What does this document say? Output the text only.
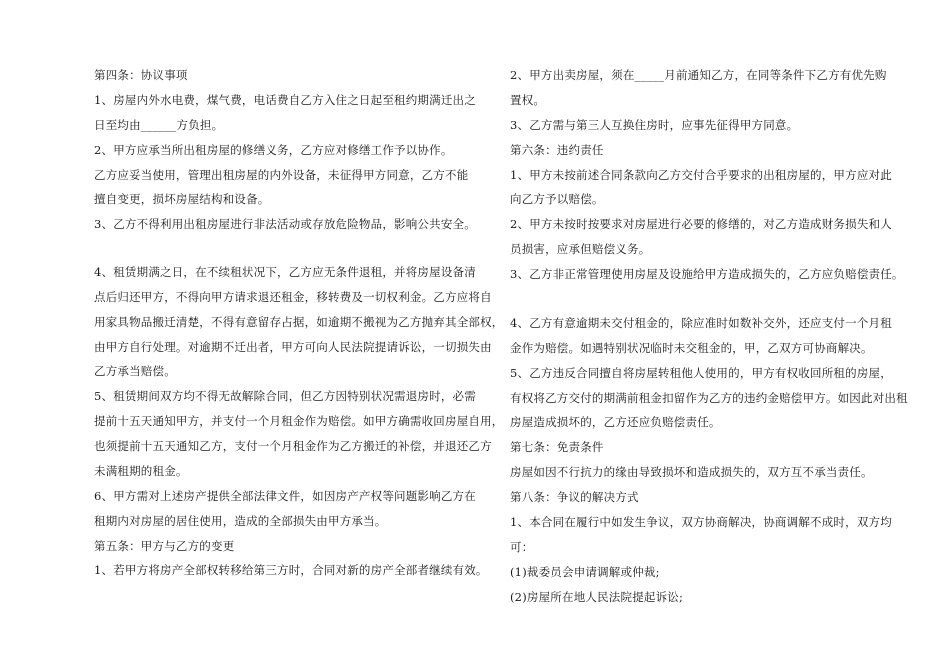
第四条：协议事项
1、房屋内外水电费，煤气费，电话费自乙方入住之日起至租约期满迁出之
日至均由______方负担。
2、甲方应承当所出租房屋的修缮义务，乙方应对修缮工作予以协作。
乙方应妥当使用，管理出租房屋的内外设备，未征得甲方同意，乙方不能
擅自变更，损坏房屋结构和设备。
3、乙方不得利用出租房屋进行非法活动或存放危险物品，影响公共安全。
4、租赁期满之日，在不续租状况下，乙方应无条件退租，并将房屋设备清
点后归还甲方，不得向甲方请求退还租金，移转费及一切权利金。乙方应将自
用家具物品搬迁清楚，不得有意留存占据，如逾期不搬视为乙方抛弃其全部权，
由甲方自行处理。对逾期不迁出者，甲方可向人民法院提请诉讼，一切损失由
乙方承当赔偿。
5、租赁期间双方均不得无故解除合同，但乙方因特别状况需退房时，必需
提前十五天通知甲方，并支付一个月租金作为赔偿。如甲方确需收回房屋自用，
也须提前十五天通知乙方，支付一个月租金作为乙方搬迁的补偿，并退还乙方
未满租期的租金。
6、甲方需对上述房产提供全部法律文件，如因房产产权等问题影响乙方在
租期内对房屋的居住使用，造成的全部损失由甲方承当。
第五条：甲方与乙方的变更
1、若甲方将房产全部权转移给第三方时，合同对新的房产全部者继续有效。
2、甲方出卖房屋，须在_____月前通知乙方，在同等条件下乙方有优先购
置权。
3、乙方需与第三人互换住房时，应事先征得甲方同意。
第六条：违约责任
1、甲方未按前述合同条款向乙方交付合乎要求的出租房屋的，甲方应对此
向乙方予以赔偿。
2、甲方未按时按要求对房屋进行必要的修缮的，对乙方造成财务损失和人
员损害，应承但赔偿义务。
3、乙方非正常管理使用房屋及设施给甲方造成损失的，乙方应负赔偿责任。
4、乙方有意逾期未交付租金的，除应准时如数补交外，还应支付一个月租
金作为赔偿。如遇特别状况临时未交租金的，甲，乙双方可协商解决。
5、乙方违反合同擅自将房屋转租他人使用的，甲方有权收回所租的房屋，
有权将乙方交付的期满前租金扣留作为乙方的违约金赔偿甲方。如因此对出租
房屋造成损坏的，乙方还应负赔偿责任。
第七条：免责条件
房屋如因不行抗力的缘由导致损坏和造成损失的，双方互不承当责任。
第八条：争议的解决方式
1、本合同在履行中如发生争议，双方协商解决，协商调解不成时，双方均
可：
(1)裁委员会申请调解或仲裁;
(2)房屋所在地人民法院提起诉讼;
